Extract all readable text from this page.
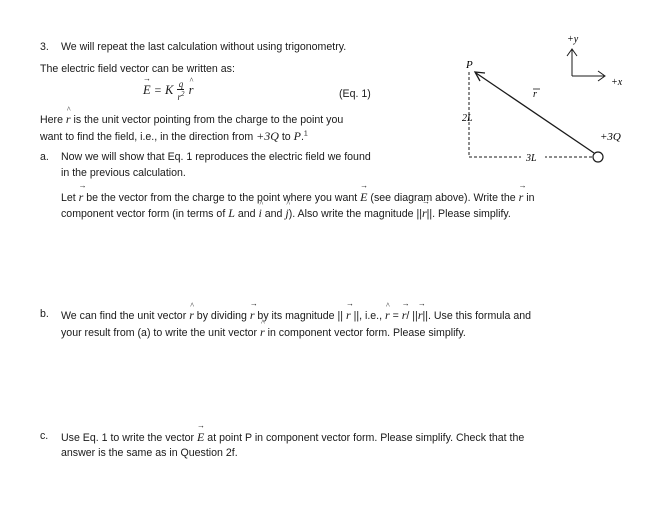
3. We will repeat the last calculation without using trigonometry.
The electric field vector can be written as:
E → = K $\frac{q}{r^2}$ r ^	(Eq. 1)
Here r ^ is the unit vector pointing from the charge to the point you
want to find the field, i.e., in the direction from +3Q to P.$^1$
a. Now we will show that Eq. 1 reproduces the electric field we found
in the previous calculation.
Let r → be the vector from the charge to the point where you want E → (see diagram above). Write the r → in
component vector form (in terms of L and i ^ and j ^). Also write the magnitude ||r →||. Please simplify.
b. We can find the unit vector r ^ by dividing r → by its magnitude || r → ||, i.e., r ^ = r →/ ||r →||. Use this formula and
your result from (a) to write the unit vector r ^ in component vector form. Please simplify.
c. Use Eq. 1 to write the vector E → at point P in component vector form. Please simplify. Check that the
answer is the same as in Question 2f.
+y
+x
P
2L
3L
r
+3Q
